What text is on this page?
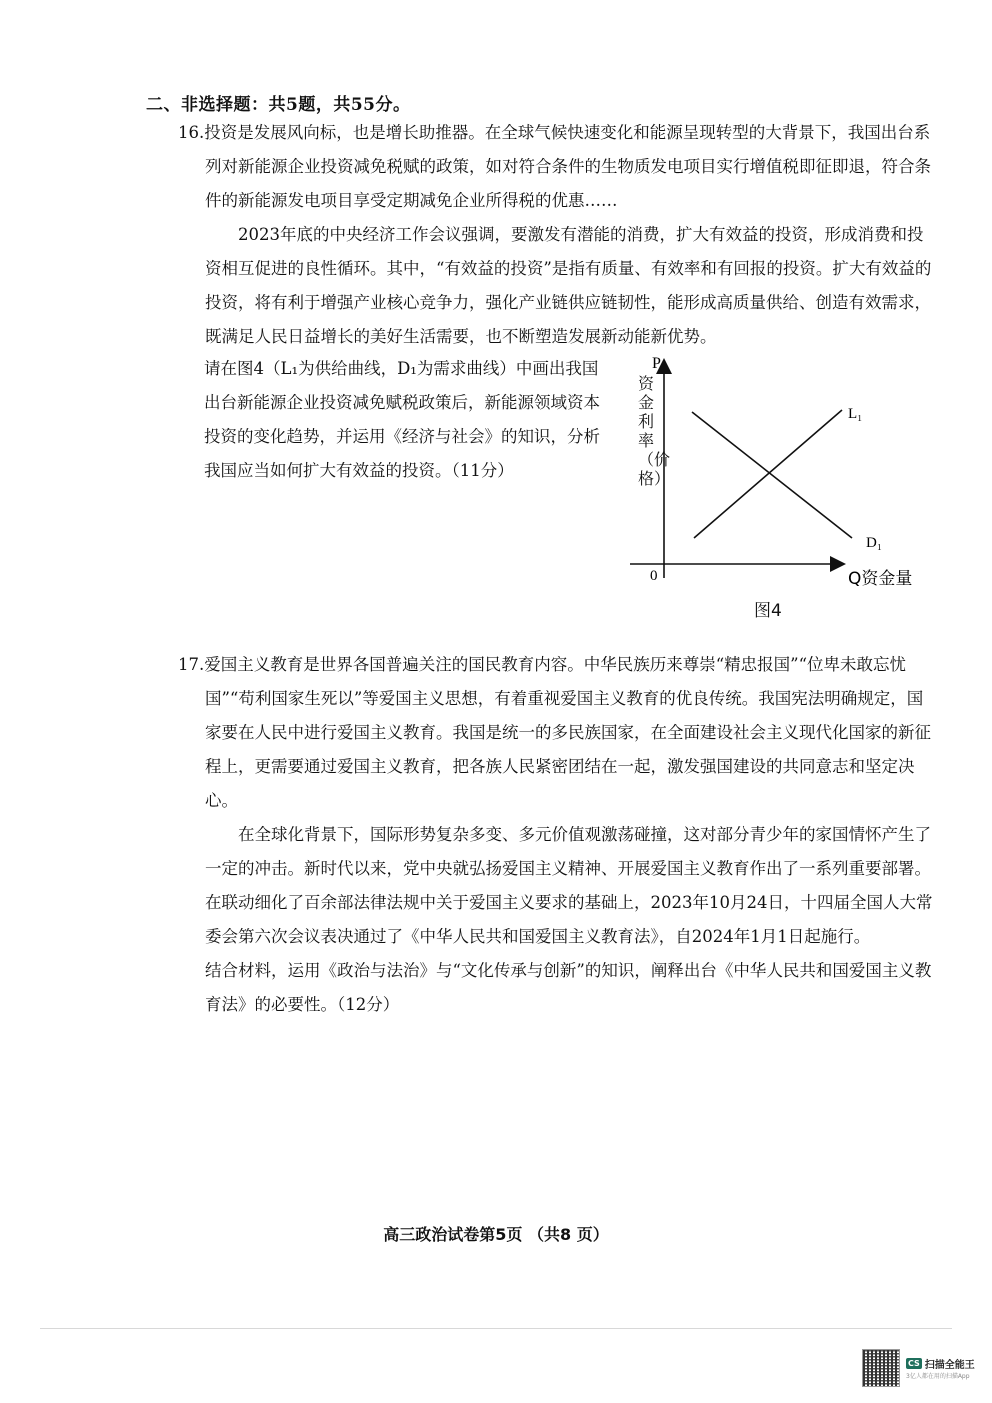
二、非选择题：共5题，共55分。

16.投资是发展风向标，也是增长助推器。在全球气候快速变化和能源呈现转型的大背景下，我国出台系列对新能源企业投资减免税赋的政策，如对符合条件的生物质发电项目实行增值税即征即退，符合条件的新能源发电项目享受定期减免企业所得税的优惠……

2023年底的中央经济工作会议强调，要激发有潜能的消费，扩大有效益的投资，形成消费和投资相互促进的良性循环。其中，“有效益的投资”是指有质量、有效率和有回报的投资。扩大有效益的投资，将有利于增强产业核心竞争力，强化产业链供应链韧性，能形成高质量供给、创造有效需求，既满足人民日益增长的美好生活需要，也不断塑造发展新动能新优势。

请在图4（L₁为供给曲线，D₁为需求曲线）中画出我国出台新能源企业投资减免赋税政策后，新能源领域资本投资的变化趋势，并运用《经济与社会》的知识，分析我国应当如何扩大有效益的投资。（11分）

P
L₁
D₁
0	Q资金量
资金利率（价格）
图4

17.爱国主义教育是世界各国普遍关注的国民教育内容。中华民族历来尊崇“精忠报国”“位卑未敢忘忧国”“苟利国家生死以”等爱国主义思想，有着重视爱国主义教育的优良传统。我国宪法明确规定，国家要在人民中进行爱国主义教育。我国是统一的多民族国家，在全面建设社会主义现代化国家的新征程上，更需要通过爱国主义教育，把各族人民紧密团结在一起，激发强国建设的共同意志和坚定决心。

在全球化背景下，国际形势复杂多变、多元价值观激荡碰撞，这对部分青少年的家国情怀产生了一定的冲击。新时代以来，党中央就弘扬爱国主义精神、开展爱国主义教育作出了一系列重要部署。在联动细化了百余部法律法规中关于爱国主义要求的基础上，2023年10月24日，十四届全国人大常委会第六次会议表决通过了《中华人民共和国爱国主义教育法》，自2024年1月1日起施行。

结合材料，运用《政治与法治》与“文化传承与创新”的知识，阐释出台《中华人民共和国爱国主义教育法》的必要性。（12分）

高三政治试卷第5页 （共8 页）
CS 扫描全能王
3亿人都在用的扫描App
